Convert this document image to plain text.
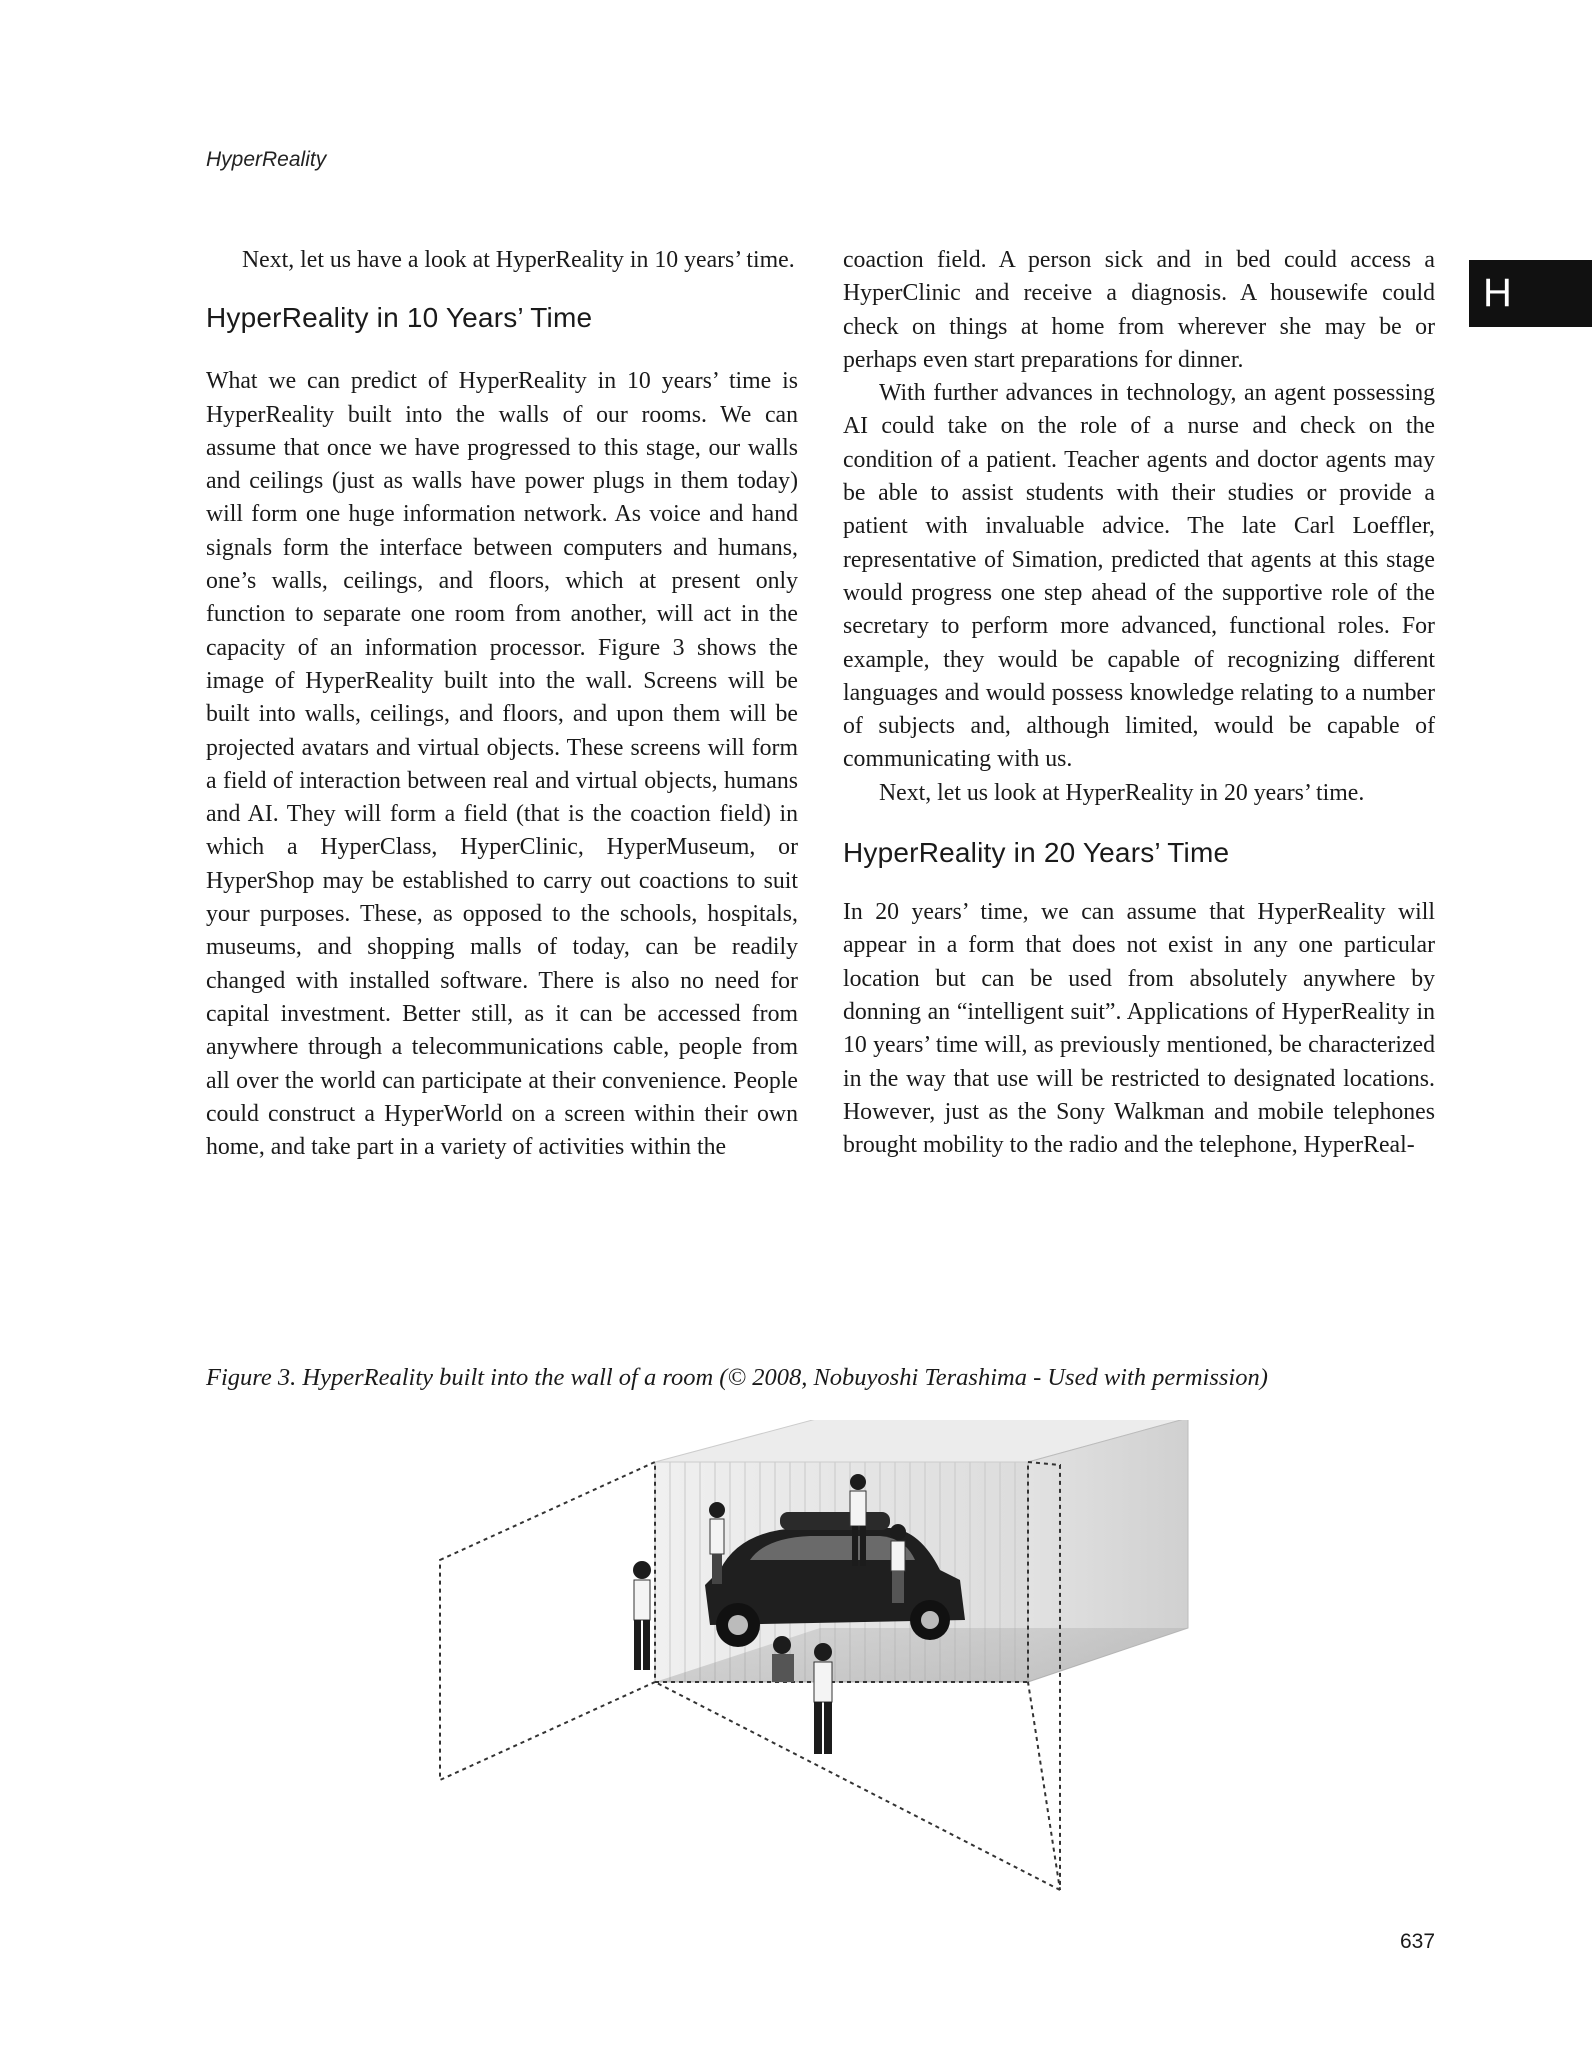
HyperReality
H

Next, let us have a look at HyperReality in 10 years’ time.

HyperReality in 10 Years’ Time

What we can predict of HyperReality in 10 years’ time is HyperReality built into the walls of our rooms. We can assume that once we have progressed to this stage, our walls and ceilings (just as walls have power plugs in them today) will form one huge information network. As voice and hand signals form the interface between computers and humans, one’s walls, ceilings, and floors, which at present only function to separate one room from another, will act in the capacity of an information processor. Figure 3 shows the image of HyperReality built into the wall. Screens will be built into walls, ceilings, and floors, and upon them will be projected avatars and virtual objects. These screens will form a field of interaction between real and virtual objects, humans and AI. They will form a field (that is the coaction field) in which a HyperClass, HyperClinic, HyperMuseum, or HyperShop may be established to carry out coactions to suit your purposes. These, as opposed to the schools, hospitals, museums, and shopping malls of today, can be readily changed with installed software. There is also no need for capital investment. Better still, as it can be accessed from anywhere through a telecommunications cable, people from all over the world can participate at their convenience. People could construct a HyperWorld on a screen within their own home, and take part in a variety of activities within the

coaction field. A person sick and in bed could access a HyperClinic and receive a diagnosis. A housewife could check on things at home from wherever she may be or perhaps even start preparations for dinner.

With further advances in technology, an agent possessing AI could take on the role of a nurse and check on the condition of a patient. Teacher agents and doctor agents may be able to assist students with their studies or provide a patient with invaluable advice. The late Carl Loeffler, representative of Simation, predicted that agents at this stage would progress one step ahead of the supportive role of the secretary to perform more advanced, functional roles. For example, they would be capable of recognizing different languages and would possess knowledge relating to a number of subjects and, although limited, would be capable of communicating with us.

Next, let us look at HyperReality in 20 years’ time.

HyperReality in 20 Years’ Time

In 20 years’ time, we can assume that HyperReality will appear in a form that does not exist in any one particular location but can be used from absolutely anywhere by donning an “intelligent suit”. Applications of HyperReality in 10 years’ time will, as previously mentioned, be characterized in the way that use will be restricted to designated locations. However, just as the Sony Walkman and mobile telephones brought mobility to the radio and the telephone, HyperReal-

Figure 3. HyperReality built into the wall of a room (© 2008, Nobuyoshi Terashima - Used with permission)
637
